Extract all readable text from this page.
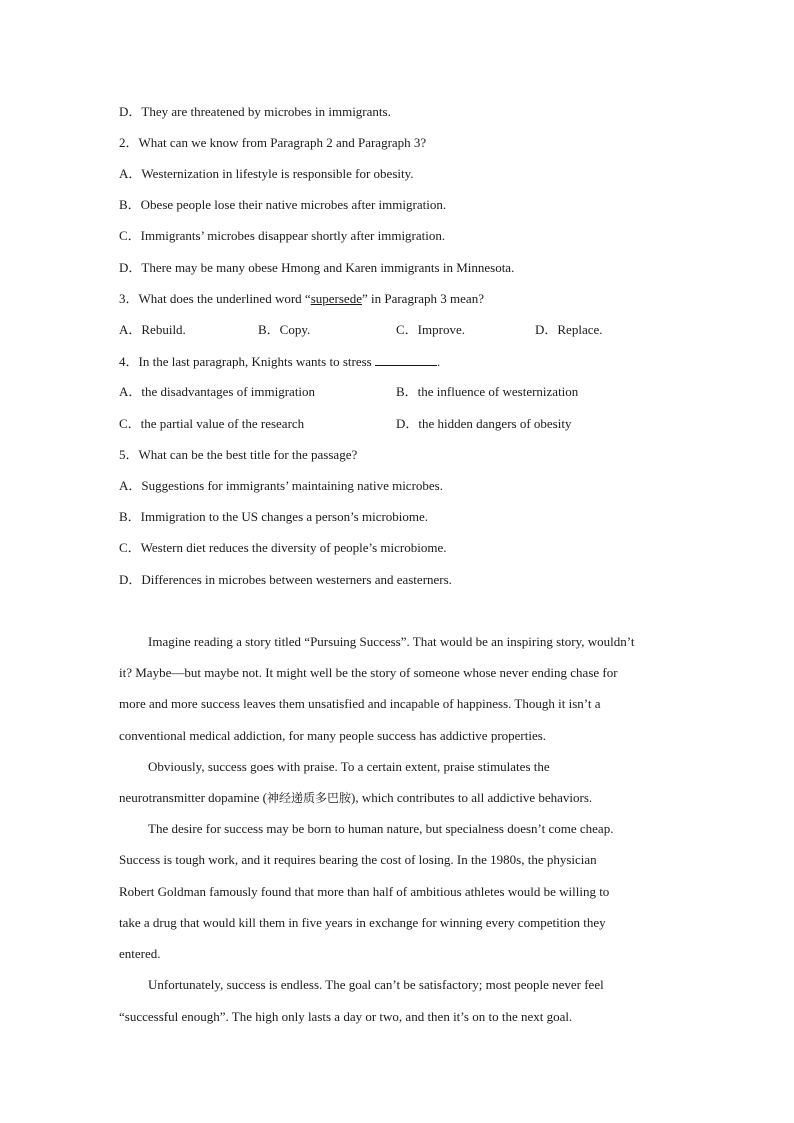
D．They are threatened by microbes in immigrants.
2．What can we know from Paragraph 2 and Paragraph 3?
A．Westernization in lifestyle is responsible for obesity.
B．Obese people lose their native microbes after immigration.
C．Immigrants’ microbes disappear shortly after immigration.
D．There may be many obese Hmong and Karen immigrants in Minnesota.
3．What does the underlined word “supersede” in Paragraph 3 mean?
A．Rebuild.	B．Copy.	C．Improve.	D．Replace.
4．In the last paragraph, Knights wants to stress	.
A．the disadvantages of immigration	B．the influence of westernization
C．the partial value of the research	D．the hidden dangers of obesity
5．What can be the best title for the passage?
A．Suggestions for immigrants’ maintaining native microbes.
B．Immigration to the US changes a person’s microbiome.
C．Western diet reduces the diversity of people’s microbiome.
D．Differences in microbes between westerners and easterners.
Imagine reading a story titled “Pursuing Success”. That would be an inspiring story, wouldn’t
it? Maybe—but maybe not. It might well be the story of someone whose never ending chase for
more and more success leaves them unsatisfied and incapable of happiness. Though it isn’t a
conventional medical addiction, for many people success has addictive properties.
Obviously, success goes with praise. To a certain extent, praise stimulates the
neurotransmitter dopamine (神经递质多巴胺), which contributes to all addictive behaviors.
The desire for success may be born to human nature, but specialness doesn’t come cheap.
Success is tough work, and it requires bearing the cost of losing. In the 1980s, the physician
Robert Goldman famously found that more than half of ambitious athletes would be willing to
take a drug that would kill them in five years in exchange for winning every competition they
entered.
Unfortunately, success is endless. The goal can’t be satisfactory; most people never feel
“successful enough”. The high only lasts a day or two, and then it’s on to the next goal.
